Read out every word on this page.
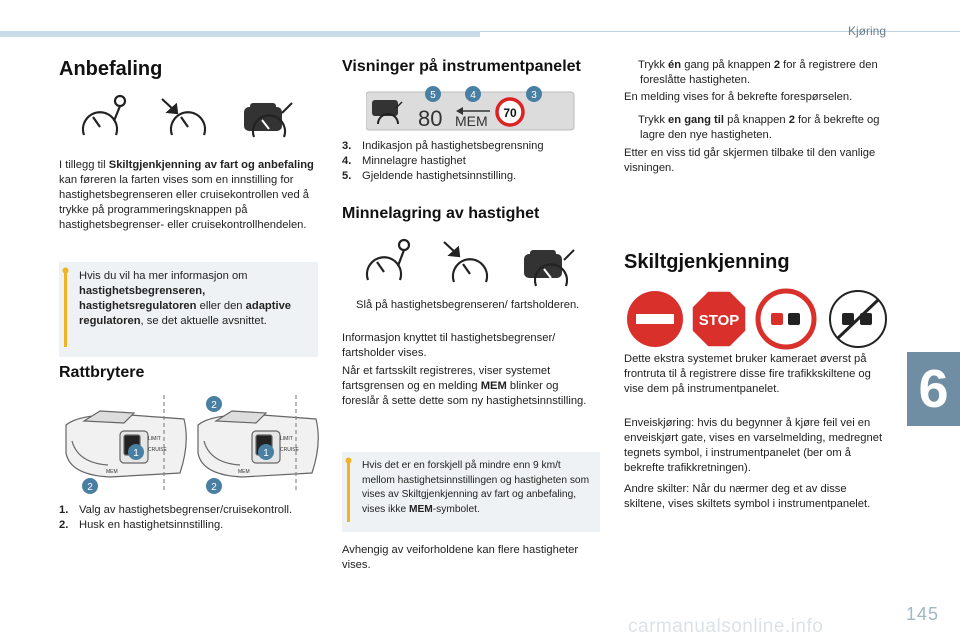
Kjøring
6
145
carmanualsonline.info
Anbefaling

I tillegg til Skiltgjenkjenning av fart og anbefaling kan føreren la farten vises som en innstilling for hastighetsbegrenseren eller cruisekontrollen ved å trykke på programmeringsknappen på hastighetsbegrenser- eller cruisekontrollhendelen.

Hvis du vil ha mer informasjon om hastighetsbegrenseren, hastighetsregulatoren eller den adaptive regulatoren, se det aktuelle avsnittet.

Rattbrytere
LIMIT
CRUISE
MEM
LIMIT
CRUISE
MEM
1
2
2
1
2
1. Valg av hastighetsbegrenser/cruisekontroll.
2. Husk en hastighetsinnstilling.
Visninger på instrumentpanelet
80 MEM 70
5	4	3
3. Indikasjon på hastighetsbegrensning
4. Minnelagre hastighet
5. Gjeldende hastighetsinnstilling.
Minnelagring av hastighet

Slå på hastighetsbegrenseren/ fartsholderen.

Informasjon knyttet til hastighetsbegrenser/ fartsholder vises.

Når et fartsskilt registreres, viser systemet fartsgrensen og en melding MEM blinker og foreslår å sette dette som ny hastighetsinnstilling.

Hvis det er en forskjell på mindre enn 9 km/t mellom hastighetsinnstillingen og hastigheten som vises av Skiltgjenkjenning av fart og anbefaling, vises ikke MEM-symbolet.

Avhengig av veiforholdene kan flere hastigheter vises.

Trykk én gang på knappen 2 for å registrere den foreslåtte hastigheten.

En melding vises for å bekrefte forespørselen.

Trykk en gang til på knappen 2 for å bekrefte og lagre den nye hastigheten.

Etter en viss tid går skjermen tilbake til den vanlige visningen.

Skiltgjenkjenning
STOP

Dette ekstra systemet bruker kameraet øverst på frontruta til å registrere disse fire trafikkskiltene og vise dem på instrumentpanelet.

Enveiskjøring: hvis du begynner å kjøre feil vei en enveiskjørt gate, vises en varselmelding, medregnet tegnets symbol, i instrumentpanelet (ber om å bekrefte trafikkretningen).

Andre skilter: Når du nærmer deg et av disse skiltene, vises skiltets symbol i instrumentpanelet.
